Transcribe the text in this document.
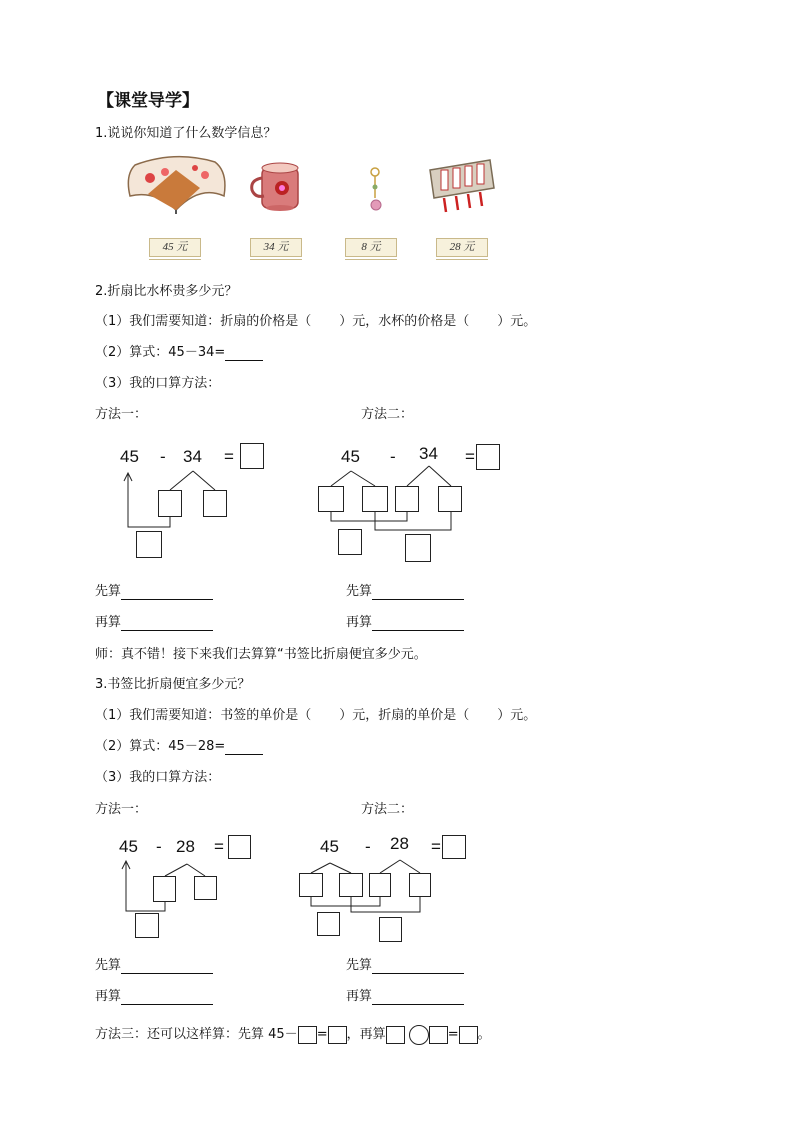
【课堂导学】
1.说说你知道了什么数学信息？
45 元	34 元	8 元	28 元
2.折扇比水杯贵多少元？
（1）我们需要知道：折扇的价格是（ ）元，水杯的价格是（ ）元。
（2）算式：45－34=
（3）我的口算方法：
方法一：	方法二：
45 - 34 =	45 - 34 =
先算	先算
再算	再算
师：真不错！接下来我们去算算“书签比折扇便宜多少元。
3.书签比折扇便宜多少元？
（1）我们需要知道：书签的单价是（ ）元，折扇的单价是（ ）元。
（2）算式：45－28=
（3）我的口算方法：
方法一：	方法二：
45 - 28 =	45 - 28 =
先算	先算
再算	再算
方法三：还可以这样算：先算 45－ = ，再算	= 。
